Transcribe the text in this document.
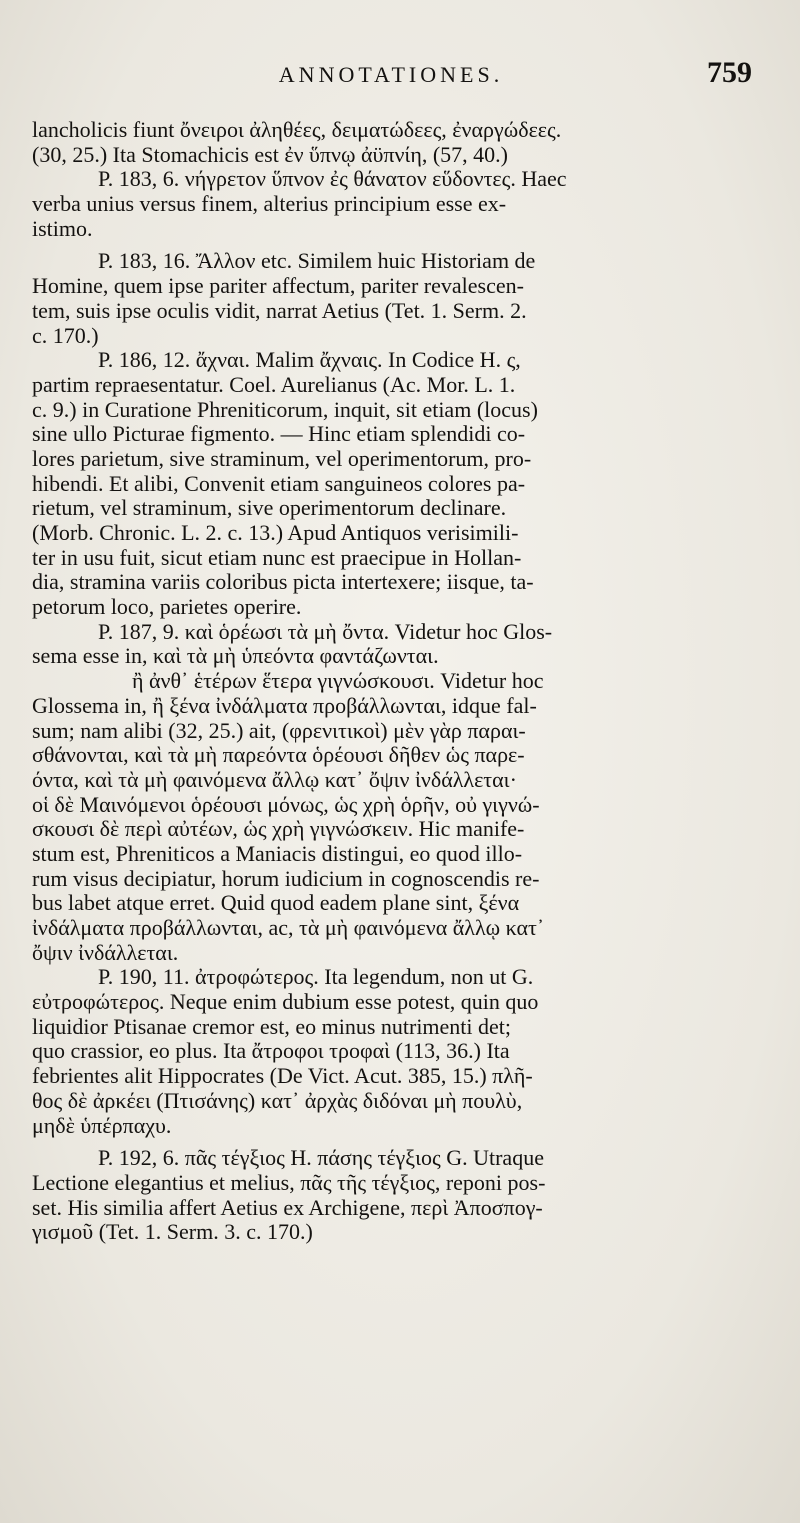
ANNOTATIONES.	759
lancholicis fiunt ὄνειροι ἀληθέες, δειματώδεες, ἐναργώδεες.
(30, 25.) Ita Stomachicis est ἐν ὕπνῳ ἀϋπνίη, (57, 40.)
P. 183, 6. νήγρετον ὕπνον ἐς θάνατον εὕδοντες. Haec
verba unius versus finem, alterius principium esse ex-
istimo.
P. 183, 16. Ἄλλον etc. Similem huic Historiam de
Homine, quem ipse pariter affectum, pariter revalescen-
tem, suis ipse oculis vidit, narrat Aetius (Tet. 1. Serm. 2.
c. 170.)
P. 186, 12. ἄχναι. Malim ἄχναις. In Codice H. ς,
partim repraesentatur. Coel. Aurelianus (Ac. Mor. L. 1.
c. 9.) in Curatione Phreniticorum, inquit, sit etiam (locus)
sine ullo Picturae figmento. — Hinc etiam splendidi co-
lores parietum, sive straminum, vel operimentorum, pro-
hibendi. Et alibi, Convenit etiam sanguineos colores pa-
rietum, vel straminum, sive operimentorum declinare.
(Morb. Chronic. L. 2. c. 13.) Apud Antiquos verisimili-
ter in usu fuit, sicut etiam nunc est praecipue in Hollan-
dia, stramina variis coloribus picta intertexere; iisque, ta-
petorum loco, parietes operire.
P. 187, 9. καὶ ὁρέωσι τὰ μὴ ὄντα. Videtur hoc Glos-
sema esse in, καὶ τὰ μὴ ὑπεόντα φαντάζωνται.
ἢ ἀνθ᾽ ἑτέρων ἕτερα γιγνώσκουσι. Videtur hoc
Glossema in, ἢ ξένα ἰνδάλματα προβάλλωνται, idque fal-
sum; nam alibi (32, 25.) ait, (φρενιτικοὶ) μὲν γὰρ παραι-
σθάνονται, καὶ τὰ μὴ παρεόντα ὁρέουσι δῆθεν ὡς παρε-
όντα, καὶ τὰ μὴ φαινόμενα ἄλλῳ κατ᾽ ὄψιν ἰνδάλλεται·
οἱ δὲ Μαινόμενοι ὁρέουσι μόνως, ὡς χρὴ ὁρῆν, οὐ γιγνώ-
σκουσι δὲ περὶ αὐτέων, ὡς χρὴ γιγνώσκειν. Hic manife-
stum est, Phreniticos a Maniacis distingui, eo quod illo-
rum visus decipiatur, horum iudicium in cognoscendis re-
bus labet atque erret. Quid quod eadem plane sint, ξένα
ἰνδάλματα προβάλλωνται, ac, τὰ μὴ φαινόμενα ἄλλῳ κατ᾽
ὄψιν ἰνδάλλεται.
P. 190, 11. ἀτροφώτερος. Ita legendum, non ut G.
εὐτροφώτερος. Neque enim dubium esse potest, quin quo
liquidior Ptisanae cremor est, eo minus nutrimenti det;
quo crassior, eo plus. Ita ἄτροφοι τροφαὶ (113, 36.) Ita
febrientes alit Hippocrates (De Vict. Acut. 385, 15.) πλῆ-
θος δὲ ἀρκέει (Πτισάνης) κατ᾽ ἀρχὰς διδόναι μὴ πουλὺ,
μηδὲ ὑπέρπαχυ.
P. 192, 6. πᾶς τέγξιος H. πάσης τέγξιος G. Utraque
Lectione elegantius et melius, πᾶς τῆς τέγξιος, reponi pos-
set. His similia affert Aetius ex Archigene, περὶ Ἀποσπογ-
γισμοῦ (Tet. 1. Serm. 3. c. 170.)
